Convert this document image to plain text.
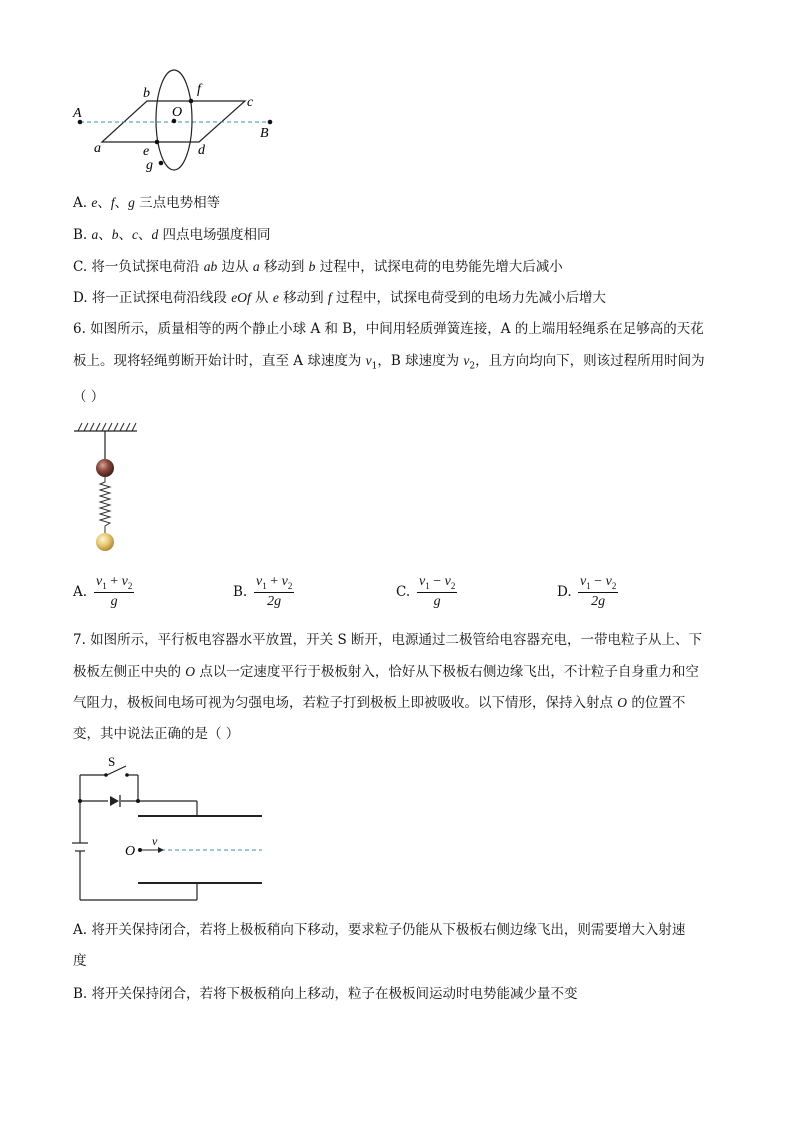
A
B
O
a
b
c
d
e
f
g
A. e、f、g 三点电势相等
B. a、b、c、d 四点电场强度相同
C. 将一负试探电荷沿 ab 边从 a 移动到 b 过程中，试探电荷的电势能先增大后减小
D. 将一正试探电荷沿线段 eOf 从 e 移动到 f 过程中，试探电荷受到的电场力先减小后增大
6. 如图所示，质量相等的两个静止小球 A 和 B，中间用轻质弹簧连接，A 的上端用轻绳系在足够高的天花
板上。现将轻绳剪断开始计时，直至 A 球速度为 $v_1$，B 球速度为 $v_2$，且方向均向下，则该过程所用时间为
（ ）
A. $\frac{v_1 + v_2}{g}$	B. $\frac{v_1 + v_2}{2g}$	C. $\frac{v_1 - v_2}{g}$	D. $\frac{v_1 - v_2}{2g}$
7. 如图所示，平行板电容器水平放置，开关 S 断开，电源通过二极管给电容器充电，一带电粒子从上、下
极板左侧正中央的 O 点以一定速度平行于极板射入，恰好从下极板右侧边缘飞出，不计粒子自身重力和空
气阻力，极板间电场可视为匀强电场，若粒子打到极板上即被吸收。以下情形，保持入射点 O 的位置不
变，其中说法正确的是（ ）
S
O
v
A. 将开关保持闭合，若将上极板稍向下移动，要求粒子仍能从下极板右侧边缘飞出，则需要增大入射速
度
B. 将开关保持闭合，若将下极板稍向上移动，粒子在极板间运动时电势能减少量不变
